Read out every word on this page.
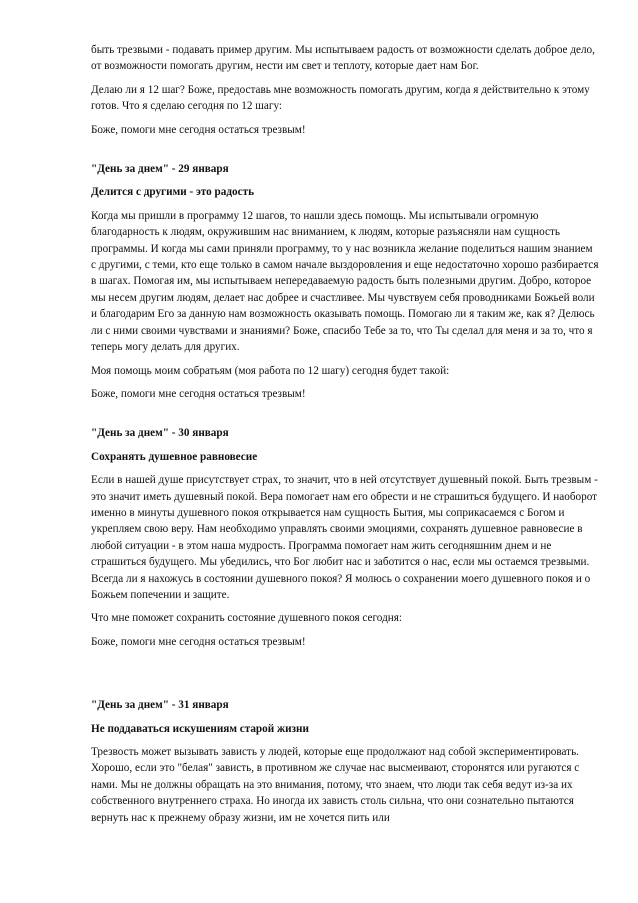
быть трезвыми - подавать пример другим. Мы испытываем радость от возможности сделать доброе дело, от возможности помогать другим, нести им свет и теплоту, которые дает нам Бог.

Делаю ли я 12 шаг? Боже, предоставь мне возможность помогать другим, когда я действительно к этому готов. Что я сделаю сегодня по 12 шагу:

Боже, помоги мне сегодня остаться трезвым!

"День за днем" - 29 января

Делится с другими - это радость

Когда мы пришли в программу 12 шагов, то нашли здесь помощь. Мы испытывали огромную благодарность к людям, окружившим нас вниманием, к людям, которые разъясняли нам сущность программы. И когда мы сами приняли программу, то у нас возникла желание поделиться нашим знанием с другими, с теми, кто еще только в самом начале выздоровления и еще недостаточно хорошо разбирается в шагах. Помогая им, мы испытываем непередаваемую радость быть полезными другим. Добро, которое мы несем другим людям, делает нас добрее и счастливее. Мы чувствуем себя проводниками Божьей воли и благодарим Его за данную нам возможность оказывать помощь. Помогаю ли я таким же, как я? Делюсь ли с ними своими чувствами и знаниями? Боже, спасибо Тебе за то, что Ты сделал для меня и за то, что я теперь могу делать для других.

Моя помощь моим собратьям (моя работа по 12 шагу) сегодня будет такой:

Боже, помоги мне сегодня остаться трезвым!

"День за днем" - 30 января

Сохранять душевное равновесие

Если в нашей душе присутствует страх, то значит, что в ней отсутствует душевный покой. Быть трезвым - это значит иметь душевный покой. Вера помогает нам его обрести и не страшиться будущего. И наоборот именно в минуты душевного покоя открывается нам сущность Бытия, мы соприкасаемся с Богом и укрепляем свою веру. Нам необходимо управлять своими эмоциями, сохранять душевное равновесие в любой ситуации - в этом наша мудрость. Программа помогает нам жить сегодняшним днем и не страшиться будущего. Мы убедились, что Бог любит нас и заботится о нас, если мы остаемся трезвыми. Всегда ли я нахожусь в состоянии душевного покоя? Я молюсь о сохранении моего душевного покоя и о Божьем попечении и защите.

Что мне поможет сохранить состояние душевного покоя сегодня:

Боже, помоги мне сегодня остаться трезвым!

"День за днем" - 31 января

Не поддаваться искушениям старой жизни

Трезвость может вызывать зависть у людей, которые еще продолжают над собой экспериментировать. Хорошо, если это "белая" зависть, в противном же случае нас высмеивают, сторонятся или ругаются с нами. Мы не должны обращать на это внимания, потому, что знаем, что люди так себя ведут из-за их собственного внутреннего страха. Но иногда их зависть столь сильна, что они сознательно пытаются вернуть нас к прежнему образу жизни, им не хочется пить или
